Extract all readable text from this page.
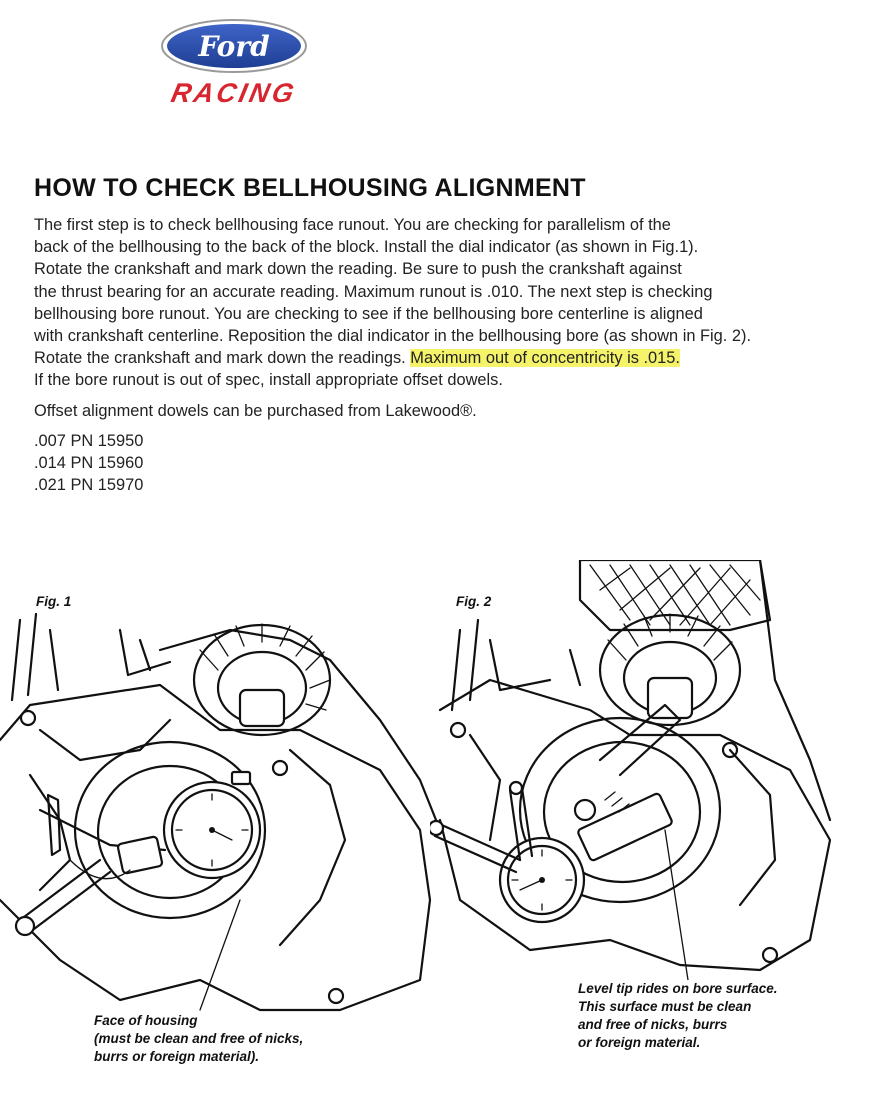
Ford
RACING
HOW TO CHECK BELLHOUSING ALIGNMENT
The first step is to check bellhousing face runout. You are checking for parallelism of the
back of the bellhousing to the back of the block. Install the dial indicator (as shown in Fig.1).
Rotate the crankshaft and mark down the reading. Be sure to push the crankshaft against
the thrust bearing for an accurate reading. Maximum runout is .010. The next step is checking
bellhousing bore runout. You are checking to see if the bellhousing bore centerline is aligned
with crankshaft centerline. Reposition the dial indicator in the bellhousing bore (as shown in Fig. 2).
Rotate the crankshaft and mark down the readings. Maximum out of concentricity is .015.
If the bore runout is out of spec, install appropriate offset dowels.
Offset alignment dowels can be purchased from Lakewood®.
.007 PN 15950
.014 PN 15960
.021 PN 15970
Fig. 1
Face of housing
(must be clean and free of nicks,
burrs or foreign material).
Fig. 2
Level tip rides on bore surface.
This surface must be clean
and free of nicks, burrs
or foreign material.
